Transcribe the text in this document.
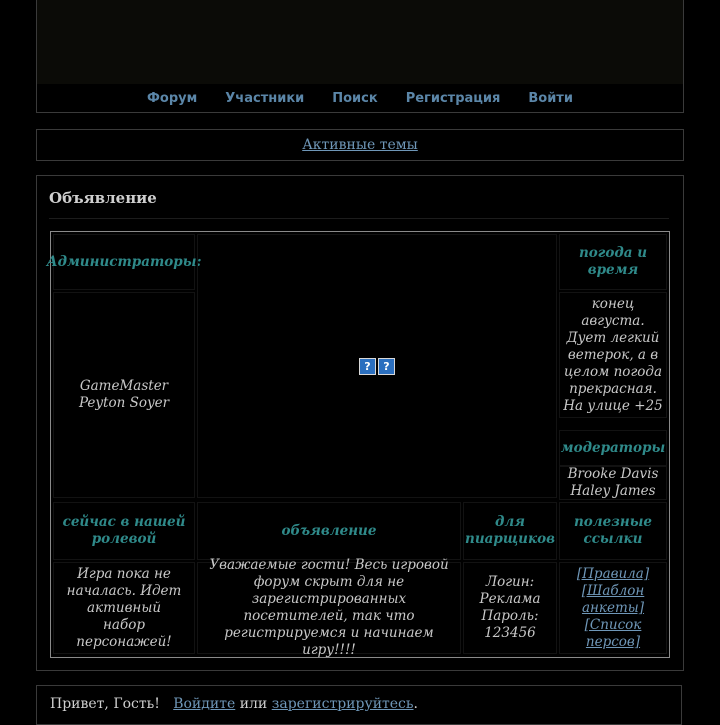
Форум Участники Поиск Регистрация Войти
Активные темы
Объявление
Администраторы:
?	?
погода и время
GameMaster
Peyton Soyer
конец августа. Дует легкий ветерок, а в целом погода прекрасная. На улице +25
модераторы
Brooke Davis
Haley James
сейчас в нашей ролевой
объявление
для пиарщиков
полезные ссылки
Игра пока не началась. Идет активный набор персонажей!
Уважаемые гости! Весь игровой форум скрыт для не зарегистрированных посетителей, так что регистрируемся и начинаем игру!!!!
Логин: Реклама
Пароль: 123456
[Правила]
[Шаблон анкеты]
[Список персов]
Привет, Гость! Войдите или зарегистрируйтесь.
